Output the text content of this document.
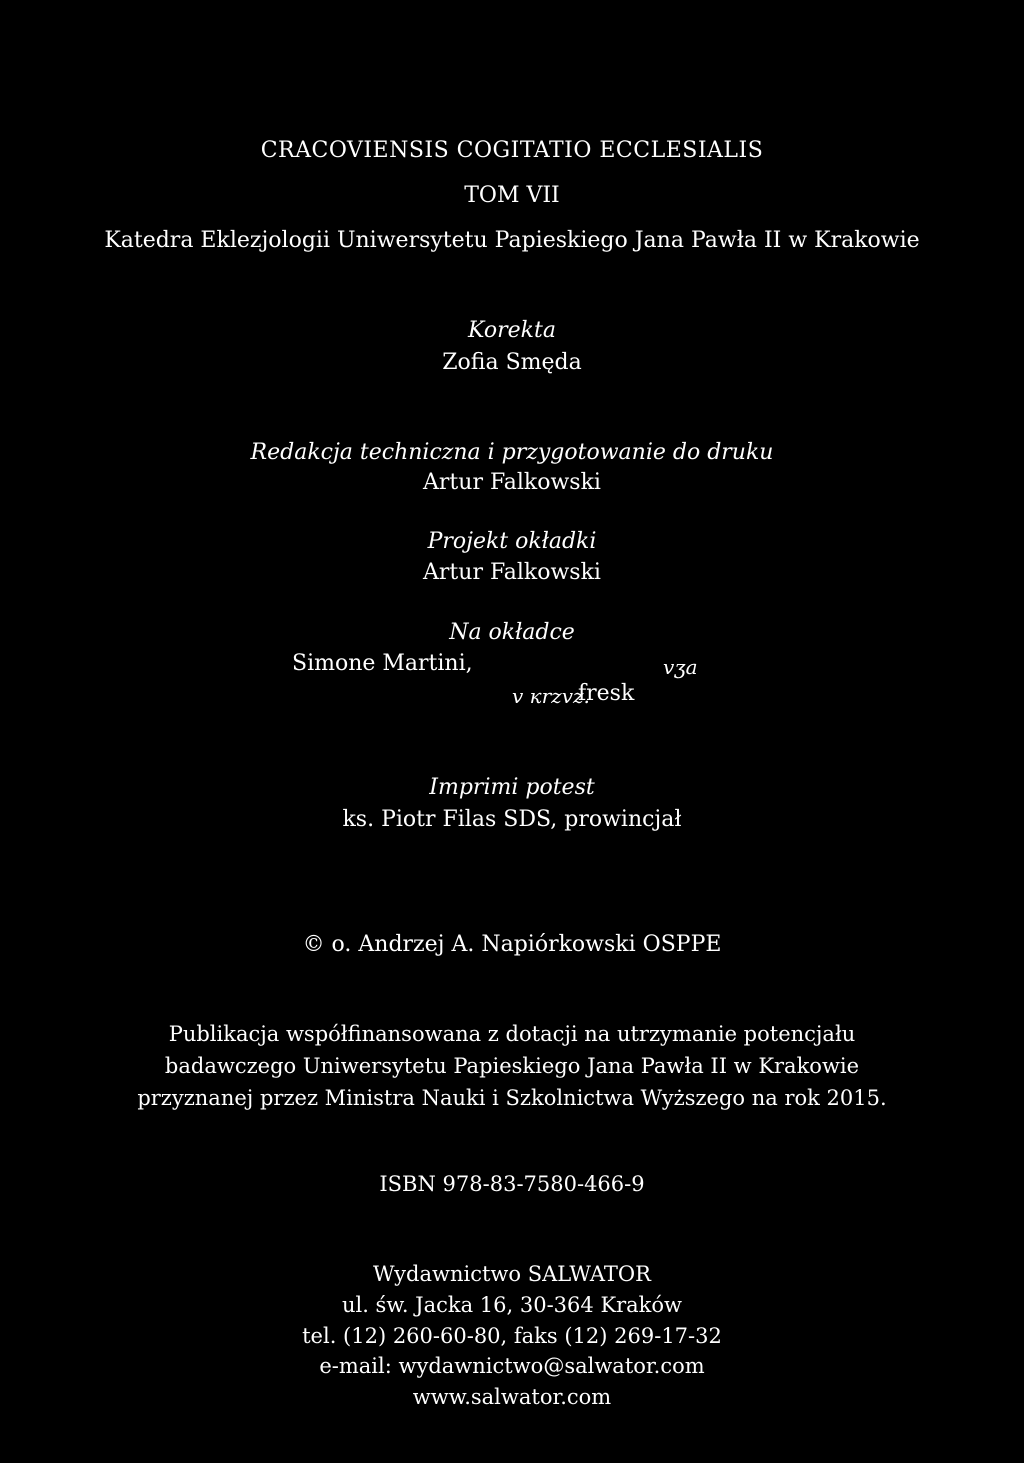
CRACOVIENSIS COGITATIO ECCLESIALIS
TOM VII
Katedra Eklezjologii Uniwersytetu Papieskiego Jana Pawła II w Krakowie
Korekta
Zofia Smęda
Redakcja techniczna i przygotowanie do druku
Artur Falkowski
Projekt okładki
Artur Falkowski
Na okładce
Simone Martini,	vʒa
v кrzvz.
fresk
Imprimi potest
ks. Piotr Filas SDS, prowincjał
© o. Andrzej A. Napiórkowski OSPPE
Publikacja współfinansowana z dotacji na utrzymanie potencjału
badawczego Uniwersytetu Papieskiego Jana Pawła II w Krakowie
przyznanej przez Ministra Nauki i Szkolnictwa Wyższego na rok 2015.
ISBN 978-83-7580-466-9
Wydawnictwo SALWATOR
ul. św. Jacka 16, 30-364 Kraków
tel. (12) 260-60-80, faks (12) 269-17-32
e-mail: wydawnictwo@salwator.com
www.salwator.com
